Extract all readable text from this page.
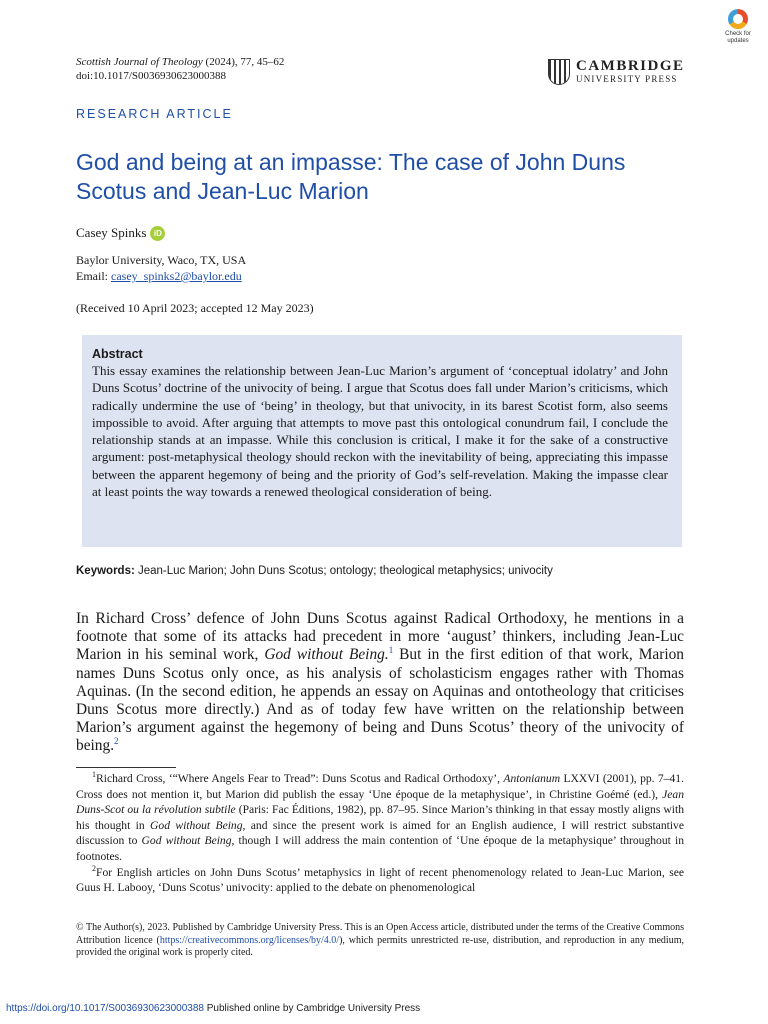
Scottish Journal of Theology (2024), 77, 45–62
doi:10.1017/S0036930623000388
Check for
updates
CAMBRIDGE
UNIVERSITY PRESS
RESEARCH ARTICLE
God and being at an impasse: The case of John Duns Scotus and Jean-Luc Marion
Casey Spinks iD
Baylor University, Waco, TX, USA
Email: casey_spinks2@baylor.edu
(Received 10 April 2023; accepted 12 May 2023)
Abstract
This essay examines the relationship between Jean-Luc Marion’s argument of ‘conceptual idolatry’ and John Duns Scotus’ doctrine of the univocity of being. I argue that Scotus does fall under Marion’s criticisms, which radically undermine the use of ‘being’ in theology, but that univocity, in its barest Scotist form, also seems impossible to avoid. After arguing that attempts to move past this ontological conundrum fail, I conclude the relationship stands at an impasse. While this conclusion is critical, I make it for the sake of a constructive argument: post-metaphysical theology should reckon with the inevitability of being, appreciating this impasse between the apparent hegemony of being and the priority of God’s self-revelation. Making the impasse clear at least points the way towards a renewed theological consideration of being.
Keywords: Jean-Luc Marion; John Duns Scotus; ontology; theological metaphysics; univocity
In Richard Cross’ defence of John Duns Scotus against Radical Orthodoxy, he mentions in a footnote that some of its attacks had precedent in more ‘august’ thinkers, including Jean-Luc Marion in his seminal work, God without Being.$^1$ But in the first edition of that work, Marion names Duns Scotus only once, as his analysis of scholasticism engages rather with Thomas Aquinas. (In the second edition, he appends an essay on Aquinas and ontotheology that criticises Duns Scotus more directly.) And as of today few have written on the relationship between Marion’s argument against the hegemony of being and Duns Scotus’ theory of the univocity of being.$^2$

$^1$Richard Cross, ‘“Where Angels Fear to Tread”: Duns Scotus and Radical Orthodoxy’, Antonianum LXXVI (2001), pp. 7–41. Cross does not mention it, but Marion did publish the essay ‘Une époque de la metaphysique’, in Christine Goémé (ed.), Jean Duns-Scot ou la révolution subtile (Paris: Fac Éditions, 1982), pp. 87–95. Since Marion’s thinking in that essay mostly aligns with his thought in God without Being, and since the present work is aimed for an English audience, I will restrict substantive discussion to God without Being, though I will address the main contention of ‘Une époque de la metaphysique’ throughout in footnotes.

$^2$For English articles on John Duns Scotus’ metaphysics in light of recent phenomenology related to Jean-Luc Marion, see Guus H. Labooy, ‘Duns Scotus’ univocity: applied to the debate on phenomenological

© The Author(s), 2023. Published by Cambridge University Press. This is an Open Access article, distributed under the terms of the Creative Commons Attribution licence (https://creativecommons.org/licenses/by/4.0/), which permits unrestricted re-use, distribution, and reproduction in any medium, provided the original work is properly cited.
https://doi.org/10.1017/S0036930623000388 Published online by Cambridge University Press
